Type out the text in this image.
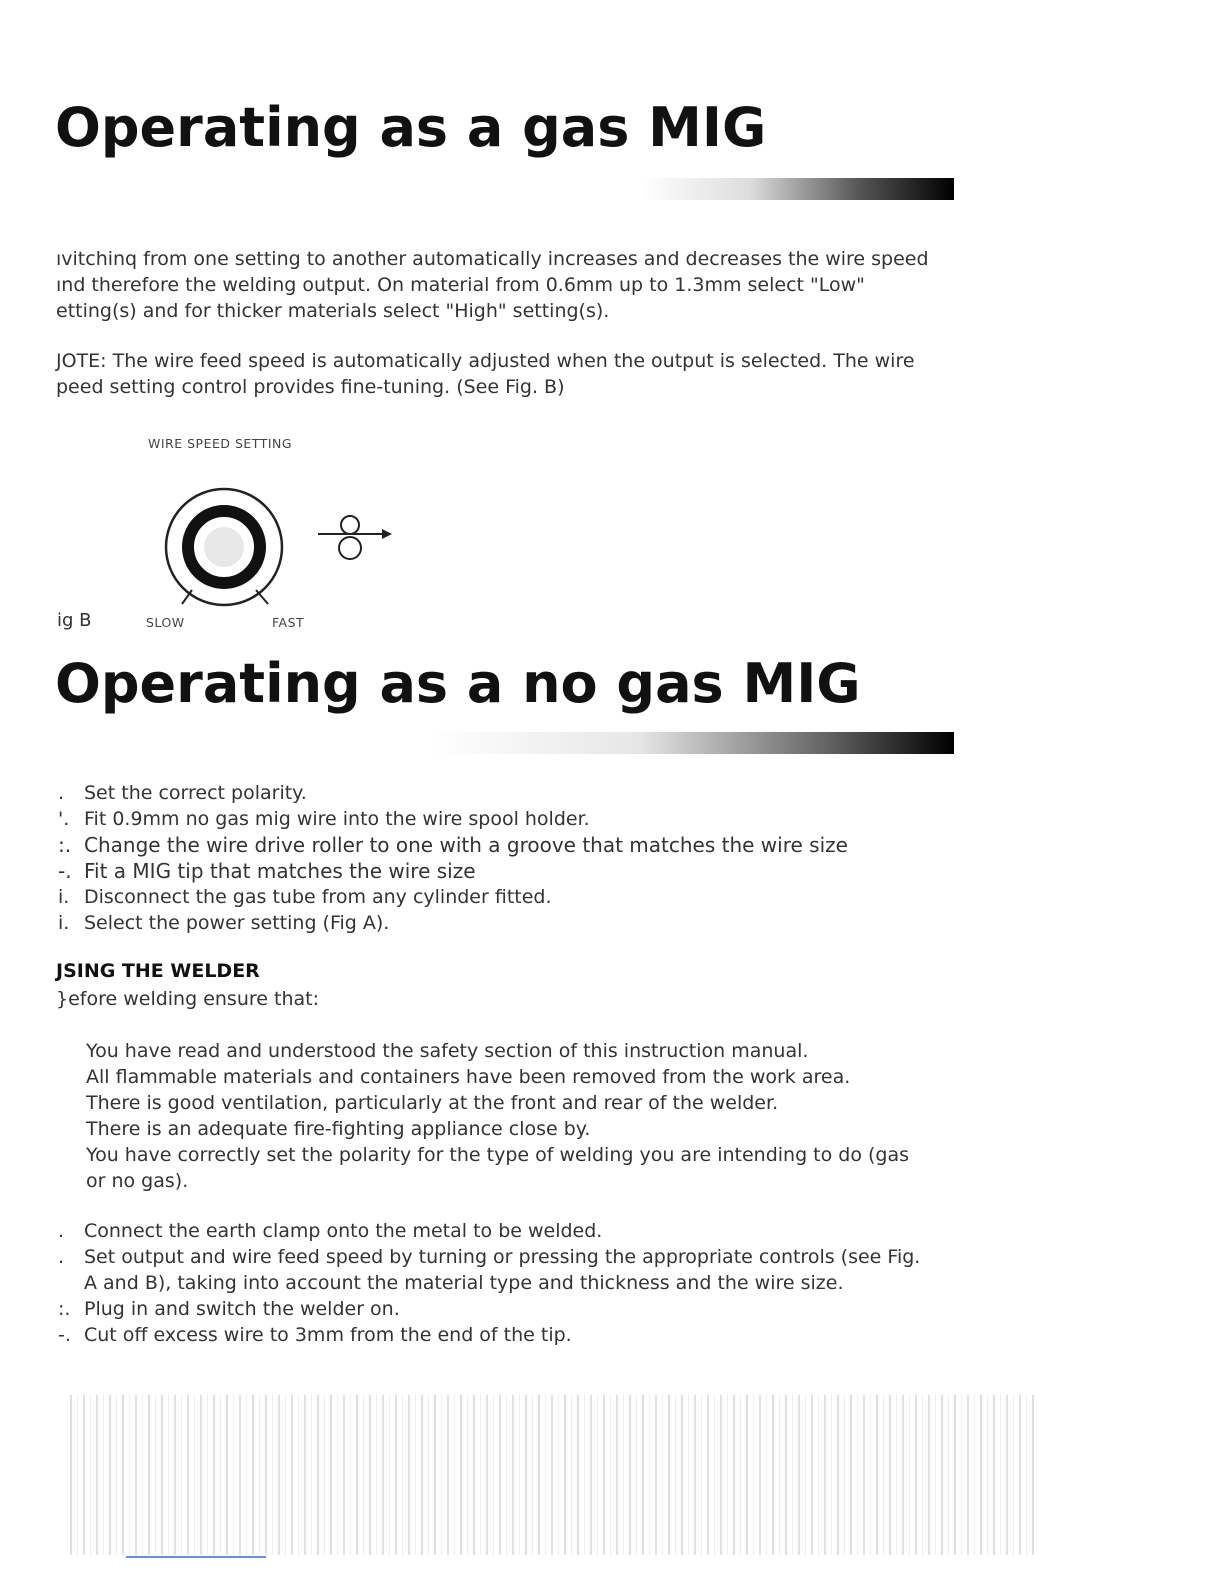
Operating as a gas MIG
ıvitchinq from one setting to another automatically increases and decreases the wire speed
ınd therefore the welding output. On material from 0.6mm up to 1.3mm select "Low"
etting(s) and for thicker materials select "High" setting(s).
JOTE: The wire feed speed is automatically adjusted when the output is selected. The wire
peed setting control provides fine-tuning. (See Fig. B)
WIRE SPEED SETTING
ig B	SLOW	FAST
Operating as a no gas MIG
. Set the correct polarity.
'. Fit 0.9mm no gas mig wire into the wire spool holder.
:. Change the wire drive roller to one with a groove that matches the wire size
-. Fit a MIG tip that matches the wire size
i. Disconnect the gas tube from any cylinder fitted.
i. Select the power setting (Fig A).
JSING THE WELDER
}efore welding ensure that:
You have read and understood the safety section of this instruction manual.
All flammable materials and containers have been removed from the work area.
There is good ventilation, particularly at the front and rear of the welder.
There is an adequate fire-fighting appliance close by.
You have correctly set the polarity for the type of welding you are intending to do (gas
or no gas).
. Connect the earth clamp onto the metal to be welded.
. Set output and wire feed speed by turning or pressing the appropriate controls (see Fig.
A and B), taking into account the material type and thickness and the wire size.
:. Plug in and switch the welder on.
-. Cut off excess wire to 3mm from the end of the tip.
